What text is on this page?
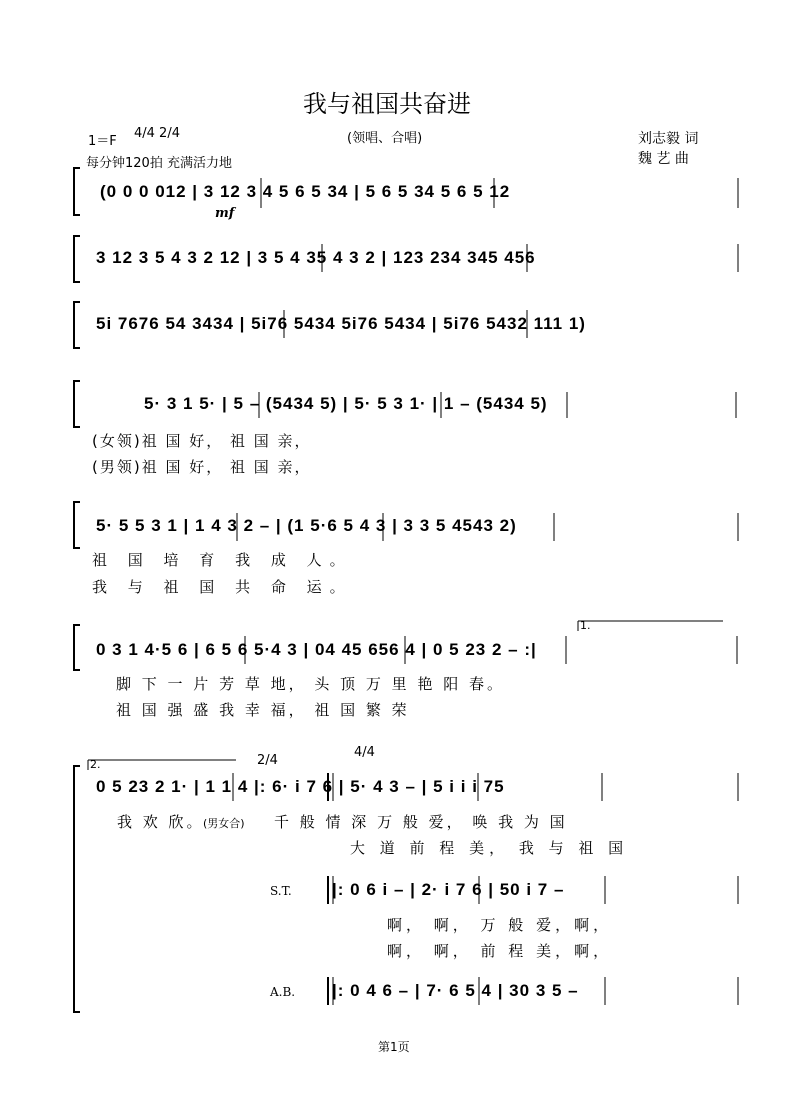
我与祖国共奋进
1＝F
4/4 2/4	(领唱、合唱)	刘志毅 词
魏 艺 曲
每分钟120拍 充满活力地
(0 0 0 012 | 3 12 3 4 5 6 5 34 | 5 6 5 34 5 6 5 12
mf
3 12 3 5 4 3 2 12 | 3 5 4 35 4 3 2 | 123 234 345 456
5i 7676 54 3434 | 5i76 5434 5i76 5434 | 5i76 5432 111 1)
5· 3 1 5· | 5 – (5434 5) | 5· 5 3 1· | 1 – (5434 5)
(女领)祖 国 好， 祖 国 亲，
(男领)祖 国 好， 祖 国 亲，
5· 5 5 3 1 | 1 4 3 2 – | (1 5·6 5 4 3 | 3 3 5 4543 2)
祖 国 培 育 我 成 人。
我 与 祖 国 共 命 运。
1.
0 3 1 4·5 6 | 6 5 6 5·4 3 | 04 45 656 4 | 0 5 23 2 – :|
脚 下 一 片 芳 草 地， 头 顶 万 里 艳 阳 春。
祖 国 强 盛 我 幸 福， 祖 国 繁 荣
2.	2/4
4/4
0 5 23 2 1· | 1 1 4 |: 6· i 7 6 | 5· 4 3 – | 5 i i i 75
我 欢 欣。
(男女合) 千 般 情 深 万 般 爱， 唤 我 为 国
大 道 前 程 美， 我 与 祖 国
S.T. |: 0 6 i – | 2· i 7 6 | 50 i 7 –
啊， 啊， 万 般 爱，啊，
啊， 啊， 前 程 美，啊，
A.B. |: 0 4 6 – | 7· 6 5 4 | 30 3 5 –
第1页
